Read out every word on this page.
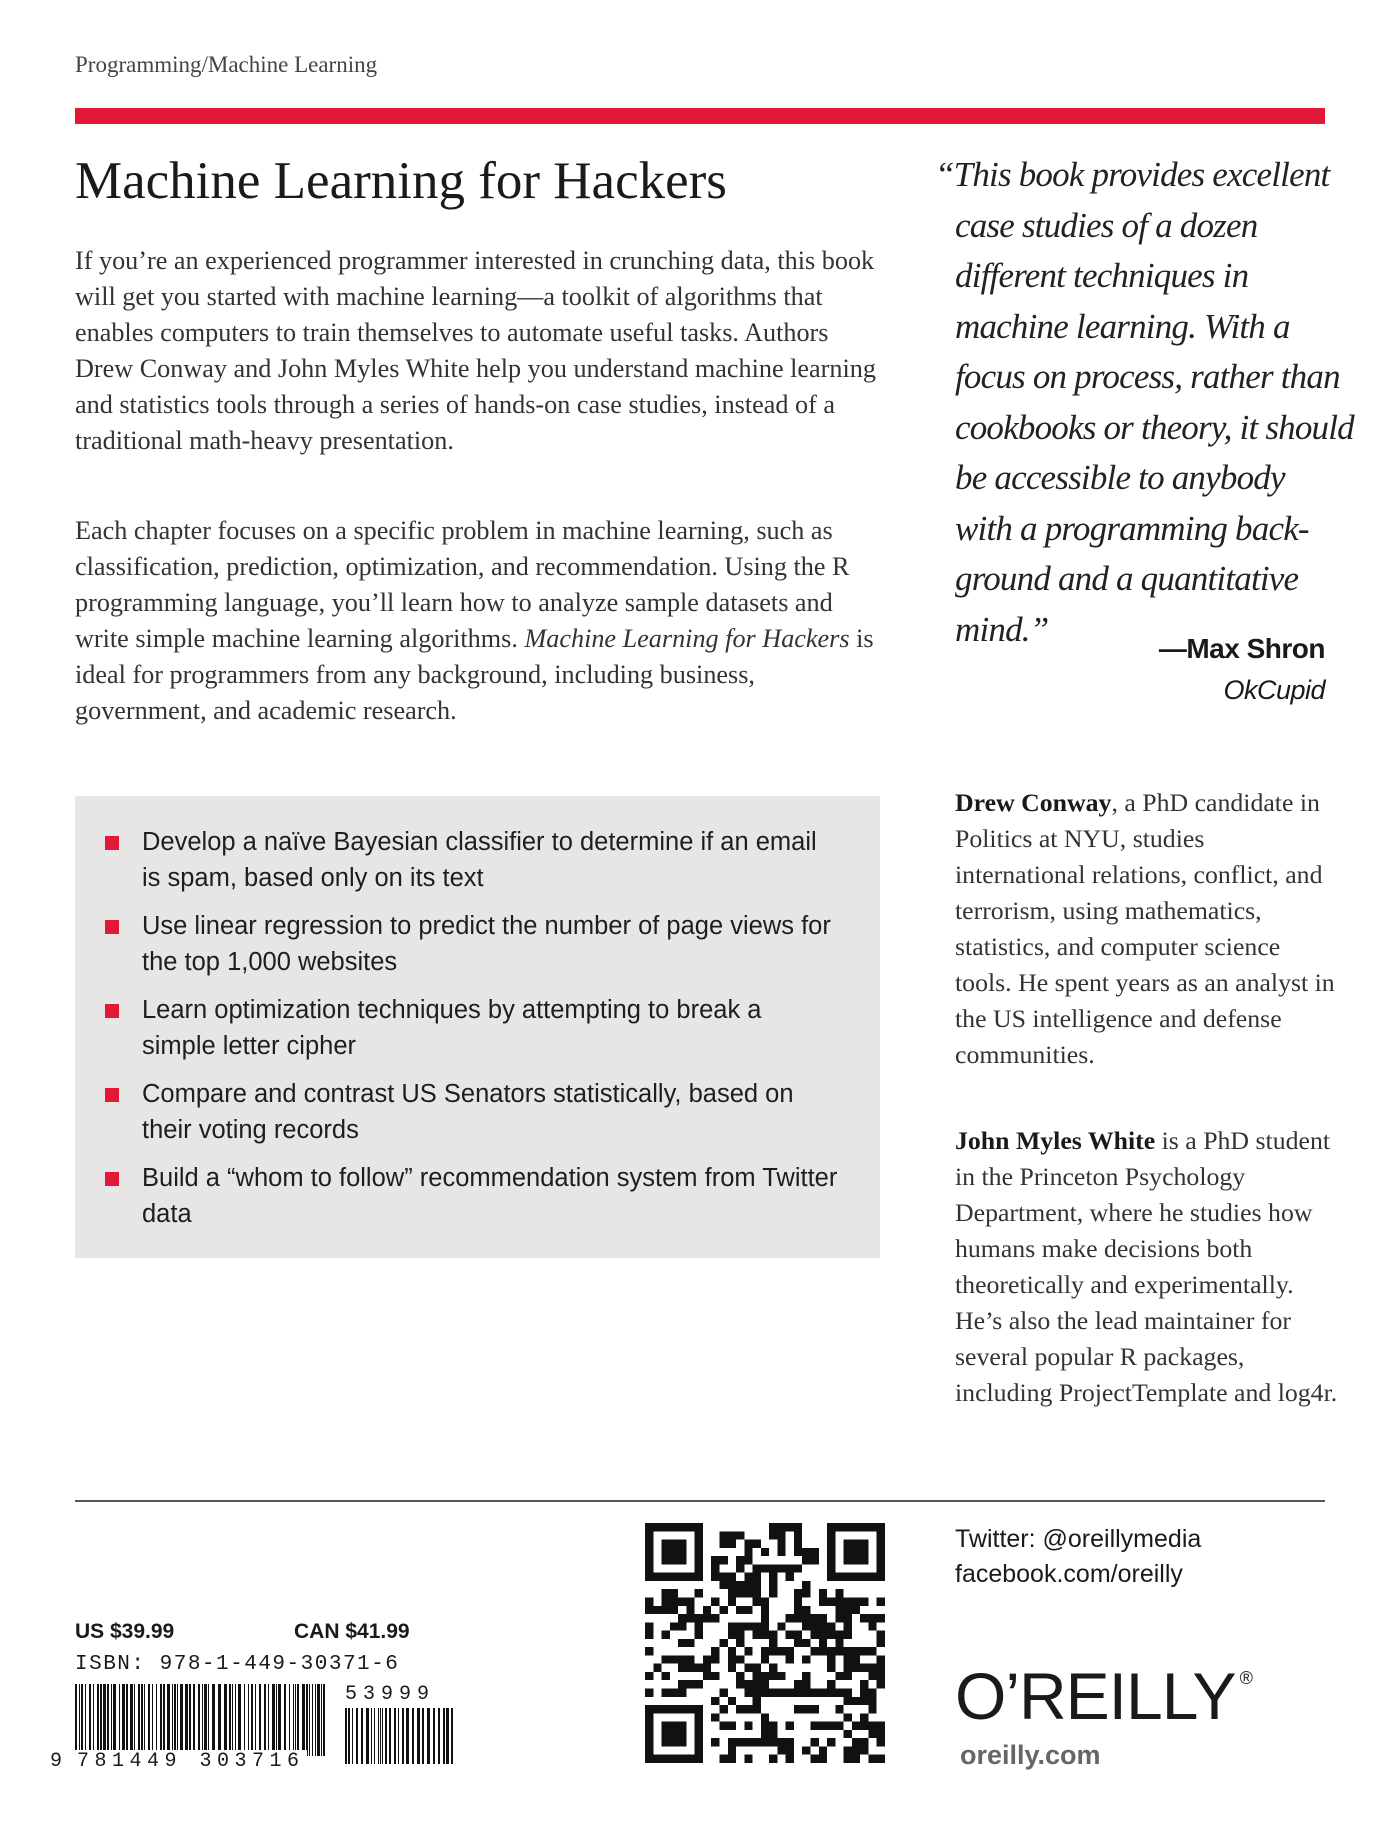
Programming/Machine Learning
Machine Learning for Hackers

If you’re an experienced programmer interested in crunching data, this book will get you started with machine learning—a toolkit of algorithms that enables computers to train themselves to automate useful tasks. Authors Drew Conway and John Myles White help you understand machine learning and statistics tools through a series of hands-on case studies, instead of a traditional math-heavy presentation.

Each chapter focuses on a specific problem in machine learning, such as classification, prediction, optimization, and recommendation. Using the R programming language, you’ll learn how to analyze sample datasets and write simple machine learning algorithms. Machine Learning for Hackers is ideal for programmers from any background, including business, government, and academic research.

Develop a naïve Bayesian classifier to determine if an email is spam, based only on its text
Use linear regression to predict the number of page views for the top 1,000 websites
Learn optimization techniques by attempting to break a simple letter cipher
Compare and contrast US Senators statistically, based on their voting records
Build a “whom to follow” recommendation system from Twitter data
“This book provides excellent
case studies of a dozen
different techniques in
machine learning. With a
focus on process, rather than
cookbooks or theory, it should
be accessible to anybody
with a programming back-
ground and a quantitative
mind.”	—Max Shron
OkCupid

Drew Conway, a PhD candidate in Politics at NYU, studies international relations, conflict, and terrorism, using mathematics, statistics, and computer science tools. He spent years as an analyst in the US intelligence and defense communities.

John Myles White is a PhD student in the Princeton Psychology Department, where he studies how humans make decisions both theoretically and experimentally. He’s also the lead maintainer for several popular R packages, including ProjectTemplate and log4r.

US $39.99	CAN $41.99
ISBN: 978-1-449-30371-6
9 781449 303716
53999
Twitter: @oreillymedia
facebook.com/oreilly
O’REILLY ®
oreilly.com
